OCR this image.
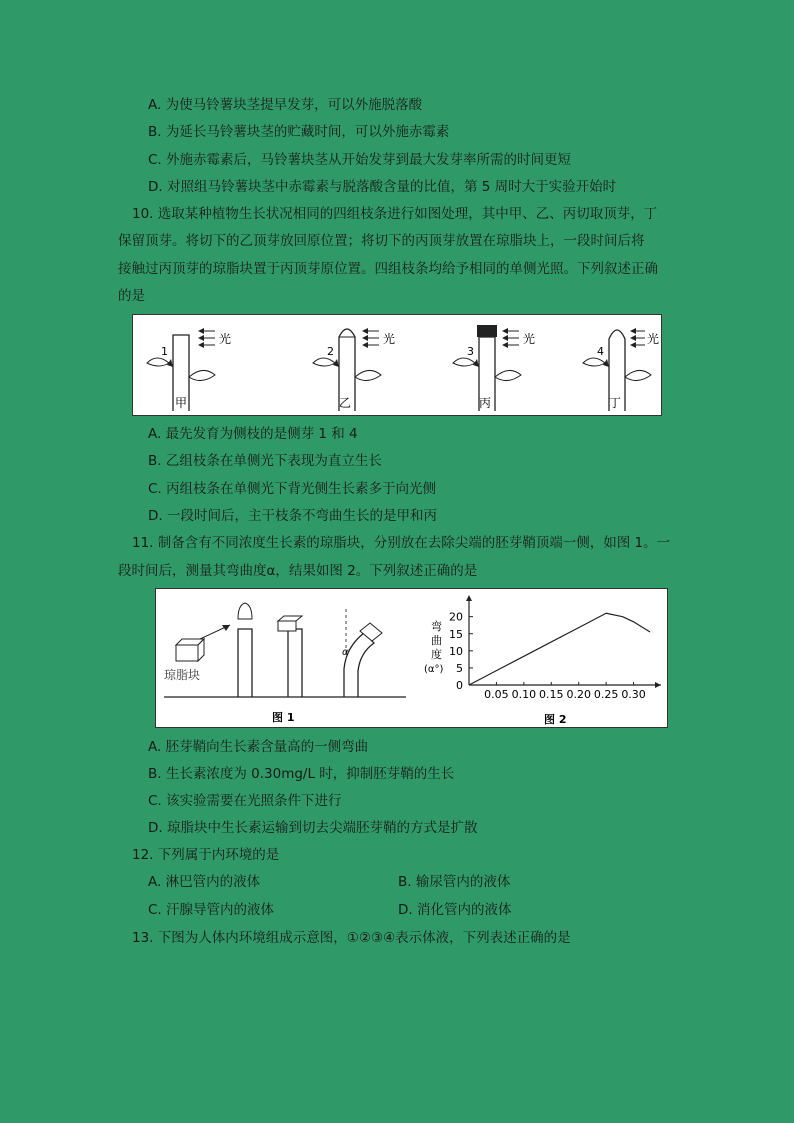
A. 为使马铃薯块茎提早发芽，可以外施脱落酸
B. 为延长马铃薯块茎的贮藏时间，可以外施赤霉素
C. 外施赤霉素后，马铃薯块茎从开始发芽到最大发芽率所需的时间更短
D. 对照组马铃薯块茎中赤霉素与脱落酸含量的比值，第 5 周时大于实验开始时
10. 选取某种植物生长状况相同的四组枝条进行如图处理，其中甲、乙、丙切取顶芽，丁
保留顶芽。将切下的乙顶芽放回原位置；将切下的丙顶芽放置在琼脂块上，一段时间后将
接触过丙顶芽的琼脂块置于丙顶芽原位置。四组枝条均给予相同的单侧光照。下列叙述正确
的是
光
1
甲
光
2
乙
光
3
丙
光
4
丁
A. 最先发育为侧枝的是侧芽 1 和 4
B. 乙组枝条在单侧光下表现为直立生长
C. 丙组枝条在单侧光下背光侧生长素多于向光侧
D. 一段时间后，主干枝条不弯曲生长的是甲和丙
11. 制备含有不同浓度生长素的琼脂块，分别放在去除尖端的胚芽鞘顶端一侧，如图 1。一
段时间后，测量其弯曲度α，结果如图 2。下列叙述正确的是
琼脂块
α
图 1
0
5
10
15
20
0.05 0.10 0.15 0.20 0.25 0.30
弯
曲
度
(α°)
图 2
A. 胚芽鞘向生长素含量高的一侧弯曲
B. 生长素浓度为 0.30mg/L 时，抑制胚芽鞘的生长
C. 该实验需要在光照条件下进行
D. 琼脂块中生长素运输到切去尖端胚芽鞘的方式是扩散
12. 下列属于内环境的是
A. 淋巴管内的液体	B. 输尿管内的液体
C. 汗腺导管内的液体	D. 消化管内的液体
13. 下图为人体内环境组成示意图，①②③④表示体液，下列表述正确的是
